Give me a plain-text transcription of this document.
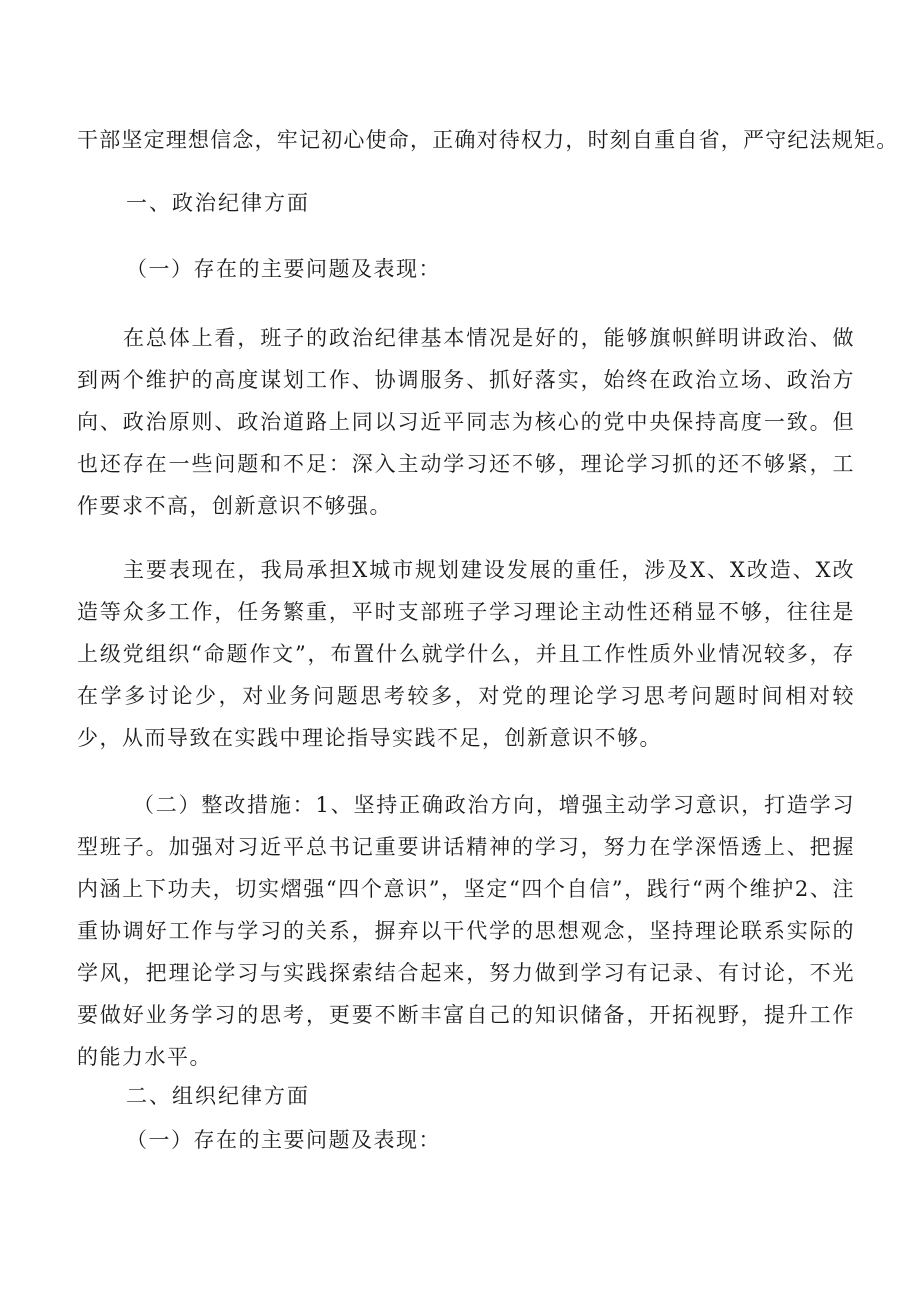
干部坚定理想信念，牢记初心使命，正确对待权力，时刻自重自省，严守纪法规矩。

一、政治纪律方面

（一）存在的主要问题及表现：

在总体上看，班子的政治纪律基本情况是好的，能够旗帜鲜明讲政治、做到两个维护的高度谋划工作、协调服务、抓好落实，始终在政治立场、政治方向、政治原则、政治道路上同以习近平同志为核心的党中央保持高度一致。但也还存在一些问题和不足：深入主动学习还不够，理论学习抓的还不够紧，工作要求不高，创新意识不够强。

主要表现在，我局承担X城市规划建设发展的重任，涉及X、X改造、X改造等众多工作，任务繁重，平时支部班子学习理论主动性还稍显不够，往往是上级党组织“命题作文”，布置什么就学什么，并且工作性质外业情况较多，存在学多讨论少，对业务问题思考较多，对党的理论学习思考问题时间相对较少，从而导致在实践中理论指导实践不足，创新意识不够。

（二）整改措施：1、坚持正确政治方向，增强主动学习意识，打造学习型班子。加强对习近平总书记重要讲话精神的学习，努力在学深悟透上、把握内涵上下功夫，切实熠强“四个意识”，坚定“四个自信”，践行“两个维护2、注重协调好工作与学习的关系，摒弃以干代学的思想观念，坚持理论联系实际的学风，把理论学习与实践探索结合起来，努力做到学习有记录、有讨论，不光要做好业务学习的思考，更要不断丰富自己的知识储备，开拓视野，提升工作的能力水平。

二、组织纪律方面

（一）存在的主要问题及表现：
